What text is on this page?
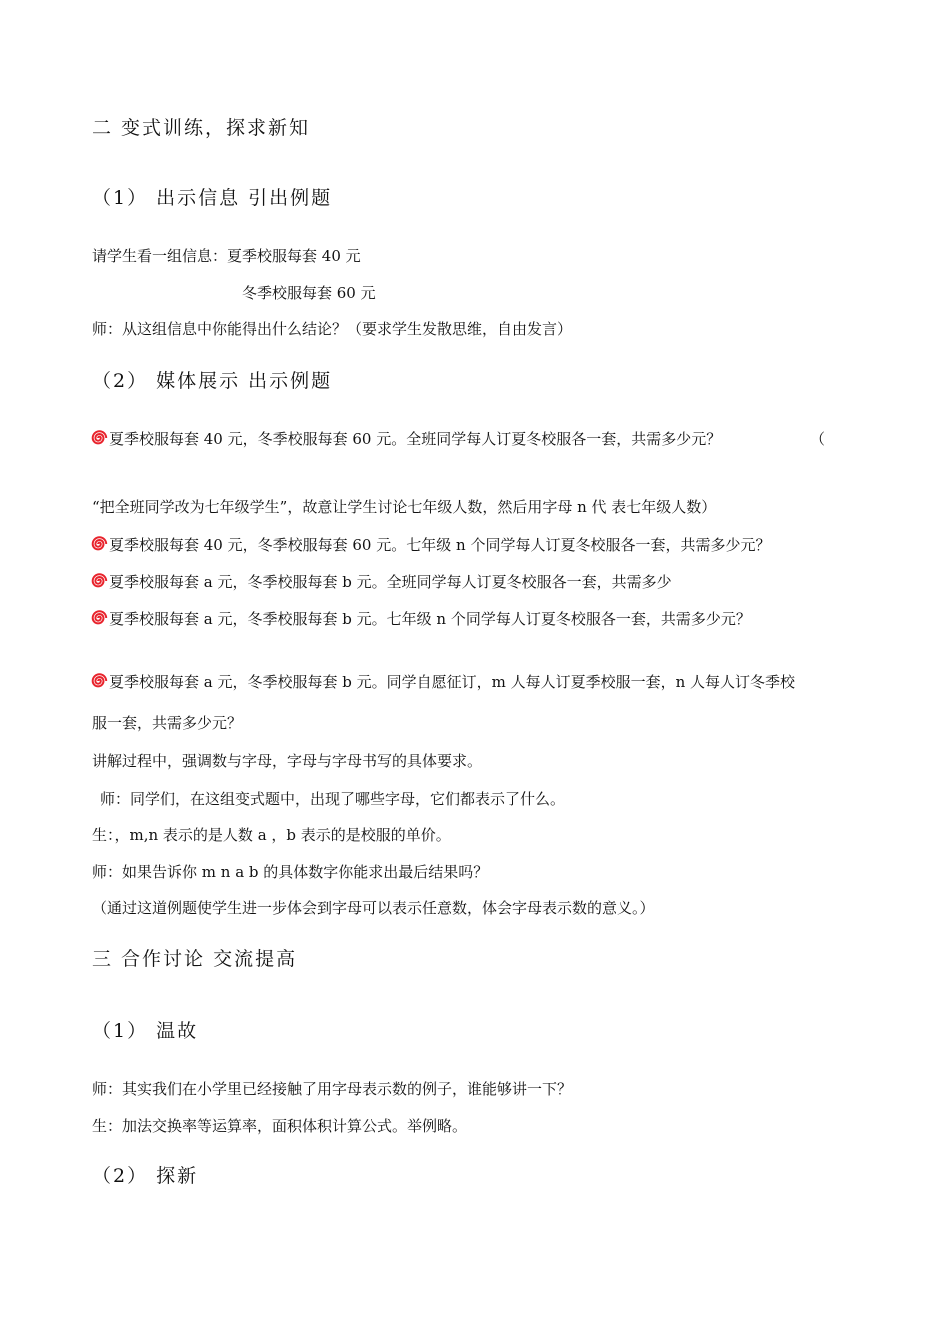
二 变式训练，探求新知
（1） 出示信息 引出例题
请学生看一组信息：夏季校服每套 40 元
冬季校服每套 60 元
师：从这组信息中你能得出什么结论？（要求学生发散思维，自由发言）
（2） 媒体展示 出示例题
夏季校服每套 40 元，冬季校服每套 60 元。全班同学每人订夏冬校服各一套，共需多少元？	（
“把全班同学改为七年级学生”，故意让学生讨论七年级人数，然后用字母 n 代 表七年级人数）
夏季校服每套 40 元，冬季校服每套 60 元。七年级 n 个同学每人订夏冬校服各一套，共需多少元？
夏季校服每套 a 元，冬季校服每套 b 元。全班同学每人订夏冬校服各一套，共需多少
夏季校服每套 a 元，冬季校服每套 b 元。七年级 n 个同学每人订夏冬校服各一套，共需多少元？
夏季校服每套 a 元，冬季校服每套 b 元。同学自愿征订，m 人每人订夏季校服一套，n 人每人订冬季校
服一套，共需多少元？
讲解过程中，强调数与字母，字母与字母书写的具体要求。
师：同学们，在这组变式题中，出现了哪些字母，它们都表示了什么。
生：，m,n 表示的是人数 a ，b 表示的是校服的单价。
师：如果告诉你 m n a b 的具体数字你能求出最后结果吗？
（通过这道例题使学生进一步体会到字母可以表示任意数，体会字母表示数的意义。）
三 合作讨论 交流提高
（1） 温故
师：其实我们在小学里已经接触了用字母表示数的例子，谁能够讲一下？
生：加法交换率等运算率，面积体积计算公式。举例略。
（2） 探新
